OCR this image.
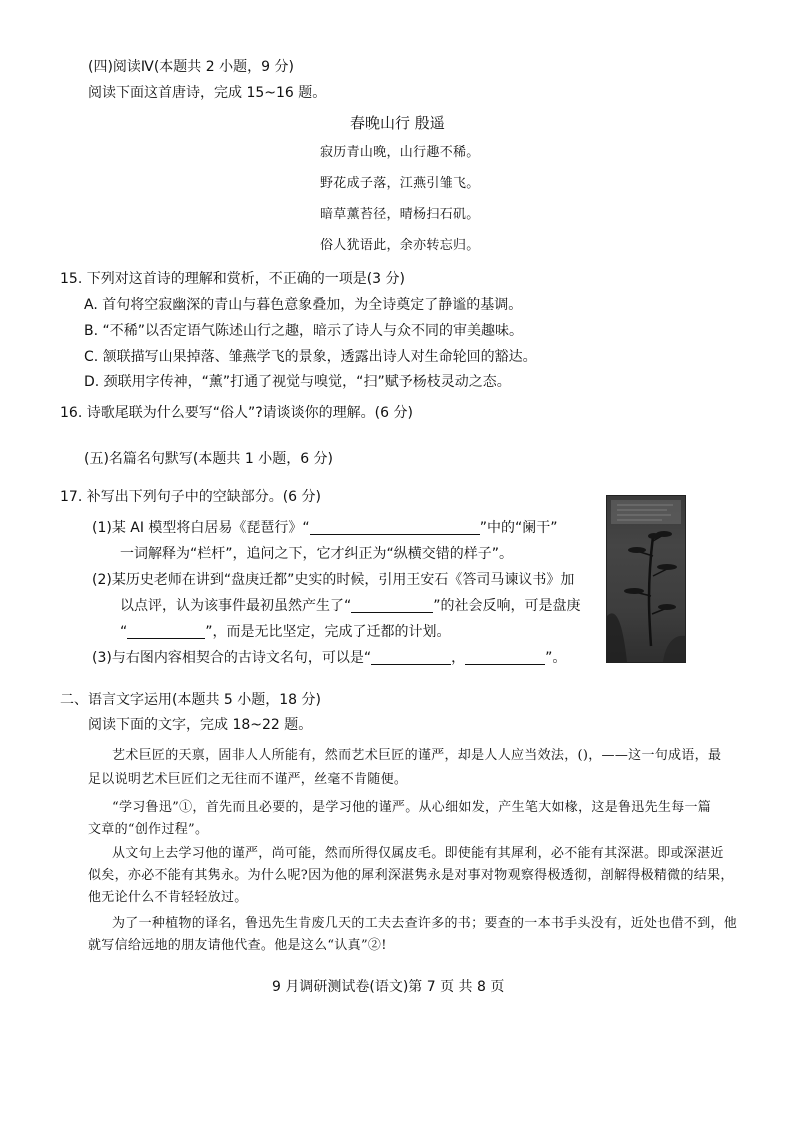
(四)阅读Ⅳ(本题共 2 小题，9 分)
阅读下面这首唐诗，完成 15~16 题。
春晚山行 殷遥
寂历青山晚，山行趣不稀。
野花成子落，江燕引雏飞。
暗草薰苔径，晴杨扫石矶。
俗人犹语此，余亦转忘归。
15. 下列对这首诗的理解和赏析，不正确的一项是(3 分)
A. 首句将空寂幽深的青山与暮色意象叠加，为全诗奠定了静谧的基调。
B. “不稀”以否定语气陈述山行之趣，暗示了诗人与众不同的审美趣味。
C. 颔联描写山果掉落、雏燕学飞的景象，透露出诗人对生命轮回的豁达。
D. 颈联用字传神，“薰”打通了视觉与嗅觉，“扫”赋予杨枝灵动之态。
16. 诗歌尾联为什么要写“俗人”?请谈谈你的理解。(6 分)
(五)名篇名句默写(本题共 1 小题，6 分)
17. 补写出下列句子中的空缺部分。(6 分)
(1)某 AI 模型将白居易《琵琶行》“	”中的“阑干”
一词解释为“栏杆”，追问之下，它才纠正为“纵横交错的样子”。
(2)某历史老师在讲到“盘庚迁都”史实的时候，引用王安石《答司马谏议书》加
以点评，认为该事件最初虽然产生了“	”的社会反响，可是盘庚
“	”，而是无比坚定，完成了迁都的计划。
(3)与右图内容相契合的古诗文名句，可以是“	，	”。
二、语言文字运用(本题共 5 小题，18 分)
阅读下面的文字，完成 18~22 题。
艺术巨匠的天禀，固非人人所能有，然而艺术巨匠的谨严，却是人人应当效法，()，——这一句成语，最
足以说明艺术巨匠们之无往而不谨严，丝毫不肯随便。
“学习鲁迅”①，首先而且必要的，是学习他的谨严。从心细如发，产生笔大如椽，这是鲁迅先生每一篇
文章的“创作过程”。
从文句上去学习他的谨严，尚可能，然而所得仅属皮毛。即使能有其犀利，必不能有其深湛。即或深湛近
似矣，亦必不能有其隽永。为什么呢?因为他的犀利深湛隽永是对事对物观察得极透彻，剖解得极精微的结果，
他无论什么不肯轻轻放过。
为了一种植物的译名，鲁迅先生肯废几天的工夫去查许多的书；要查的一本书手头没有，近处也借不到，他
就写信给远地的朋友请他代查。他是这么“认真”②!
9 月调研测试卷(语文)第 7 页 共 8 页
